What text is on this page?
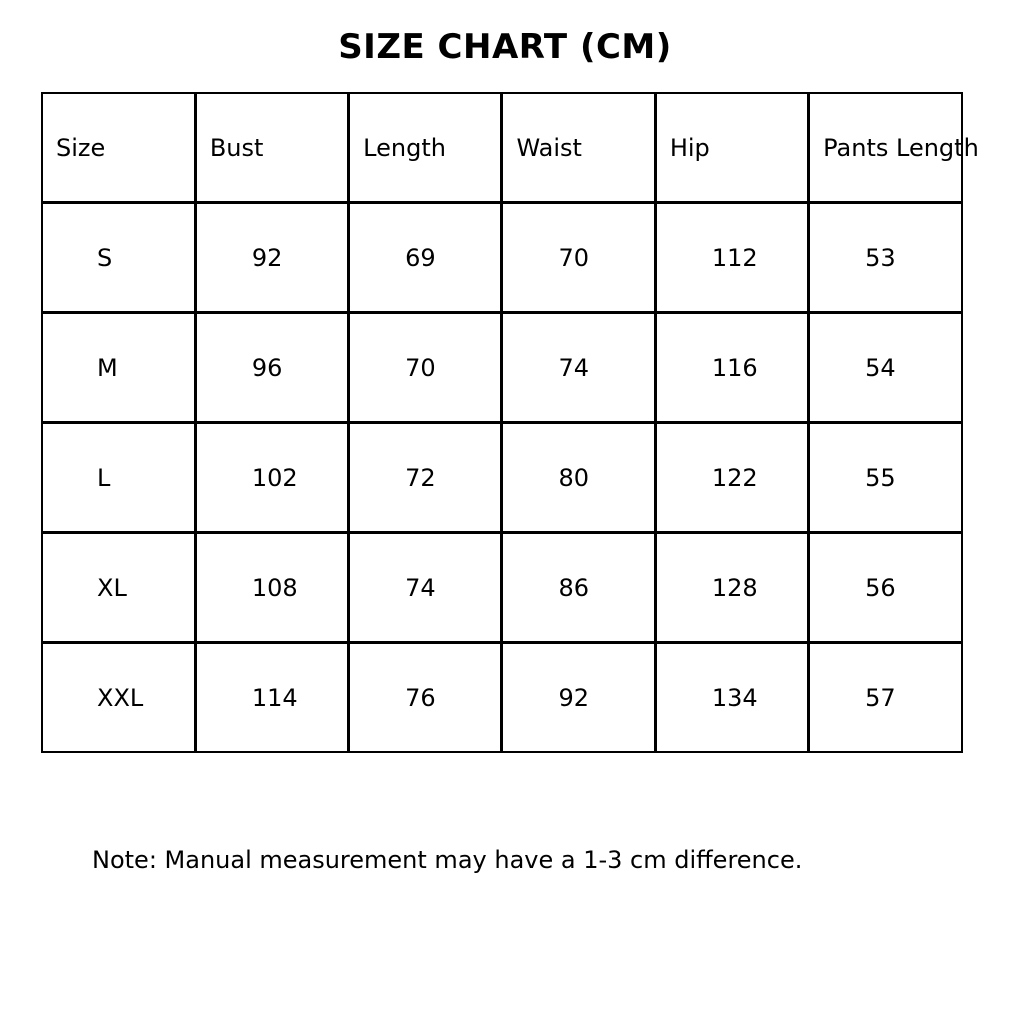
SIZE CHART (CM)
Size	Bust	Length	Waist	Hip	Pants Length
S	92	69	70	112	53
M	96	70	74	116	54
L	102	72	80	122	55
XL	108	74	86	128	56
XXL	114	76	92	134	57
Note: Manual measurement may have a 1-3 cm difference.
